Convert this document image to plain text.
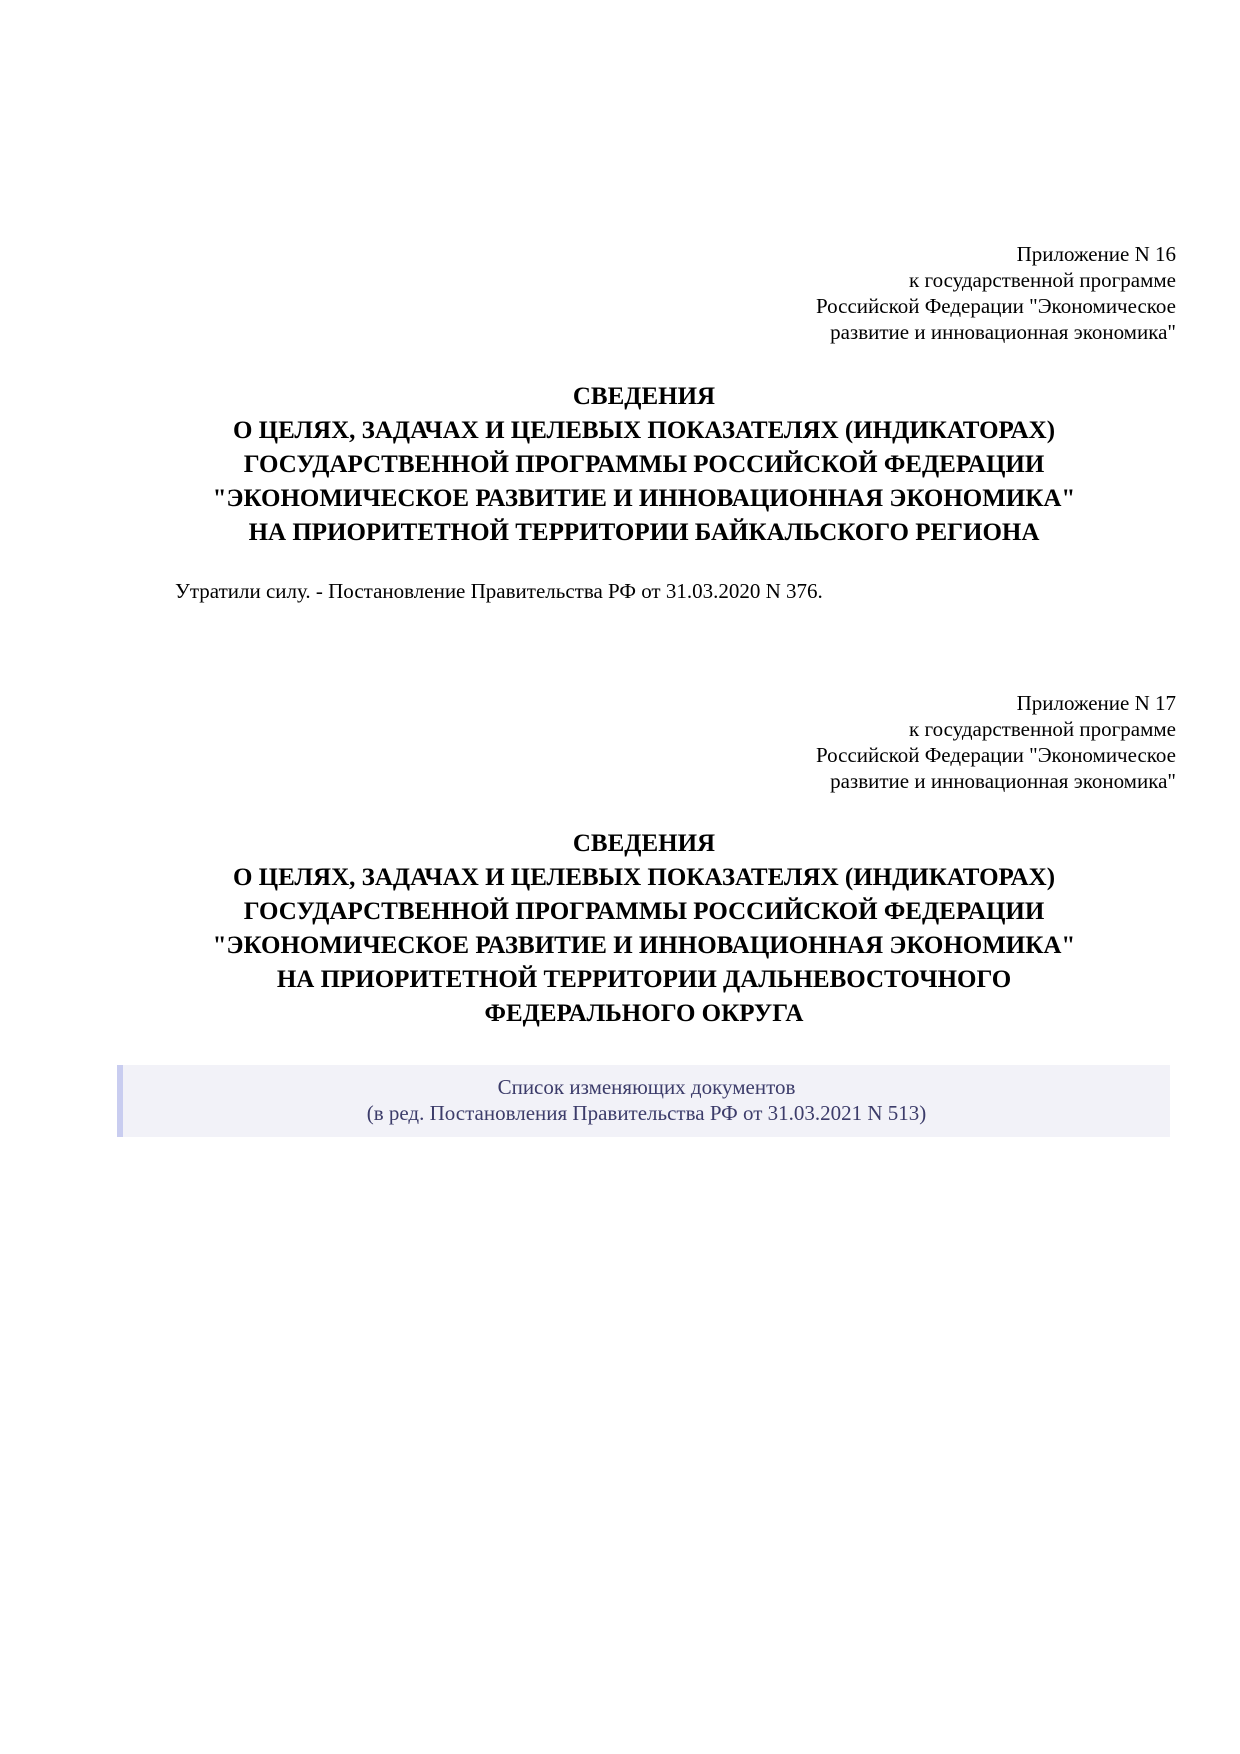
Приложение N 16
к государственной программе
Российской Федерации "Экономическое
развитие и инновационная экономика"
СВЕДЕНИЯ
О ЦЕЛЯХ, ЗАДАЧАХ И ЦЕЛЕВЫХ ПОКАЗАТЕЛЯХ (ИНДИКАТОРАХ)
ГОСУДАРСТВЕННОЙ ПРОГРАММЫ РОССИЙСКОЙ ФЕДЕРАЦИИ
"ЭКОНОМИЧЕСКОЕ РАЗВИТИЕ И ИННОВАЦИОННАЯ ЭКОНОМИКА"
НА ПРИОРИТЕТНОЙ ТЕРРИТОРИИ БАЙКАЛЬСКОГО РЕГИОНА
Утратили силу. - Постановление Правительства РФ от 31.03.2020 N 376.
Приложение N 17
к государственной программе
Российской Федерации "Экономическое
развитие и инновационная экономика"
СВЕДЕНИЯ
О ЦЕЛЯХ, ЗАДАЧАХ И ЦЕЛЕВЫХ ПОКАЗАТЕЛЯХ (ИНДИКАТОРАХ)
ГОСУДАРСТВЕННОЙ ПРОГРАММЫ РОССИЙСКОЙ ФЕДЕРАЦИИ
"ЭКОНОМИЧЕСКОЕ РАЗВИТИЕ И ИННОВАЦИОННАЯ ЭКОНОМИКА"
НА ПРИОРИТЕТНОЙ ТЕРРИТОРИИ ДАЛЬНЕВОСТОЧНОГО
ФЕДЕРАЛЬНОГО ОКРУГА
Список изменяющих документов
(в ред. Постановления Правительства РФ от 31.03.2021 N 513)
